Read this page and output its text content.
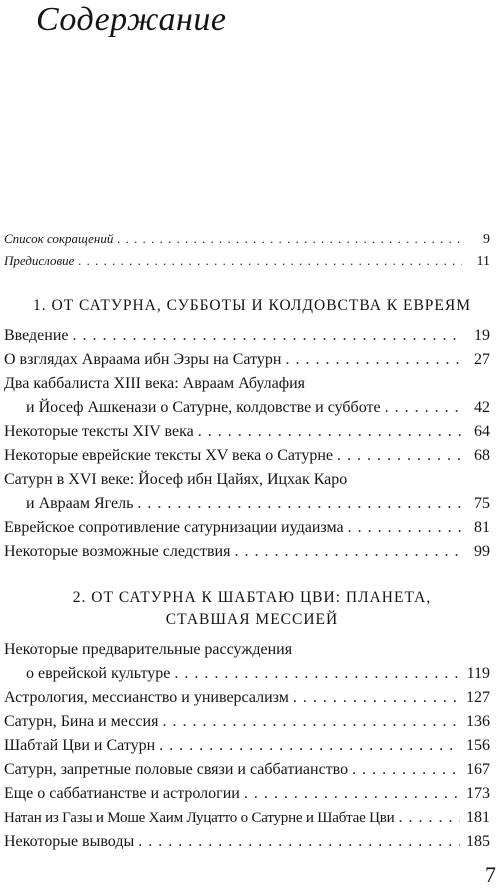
Содержание
Список сокращений . . .	9
Предисловие . . .	11
1. ОТ САТУРНА, СУББОТЫ И КОЛДОВСТВА К ЕВРЕЯМ
Введение . . .	19
О взглядах Авраама ибн Эзры на Сатурн . . .	27
Два каббалиста XIII века: Авраам Абулафия
и Йосеф Ашкенази о Сатурне, колдовстве и субботе . . .	42
Некоторые тексты XIV века . . .	64
Некоторые еврейские тексты XV века о Сатурне . . .	68
Сатурн в XVI веке: Йосеф ибн Цайях, Ицхак Каро
и Авраам Ягель . . .	75
Еврейское сопротивление сатурнизации иудаизма . . .	81
Некоторые возможные следствия . . .	99
2. ОТ САТУРНА К ШАБТАЮ ЦВИ: ПЛАНЕТА,
СТАВШАЯ МЕССИЕЙ
Некоторые предварительные рассуждения
о еврейской культуре . . .	119
Астрология, мессианство и универсализм . . .	127
Сатурн, Бина и мессия . . .	136
Шабтай Цви и Сатурн . . .	156
Сатурн, запретные половые связи и саббатианство . . .	167
Еще о саббатианстве и астрологии . . .	173
Натан из Газы и Моше Хаим Луцатто о Сатурне и Шабтае Цви . . .	181
Некоторые выводы . . .	185
7
